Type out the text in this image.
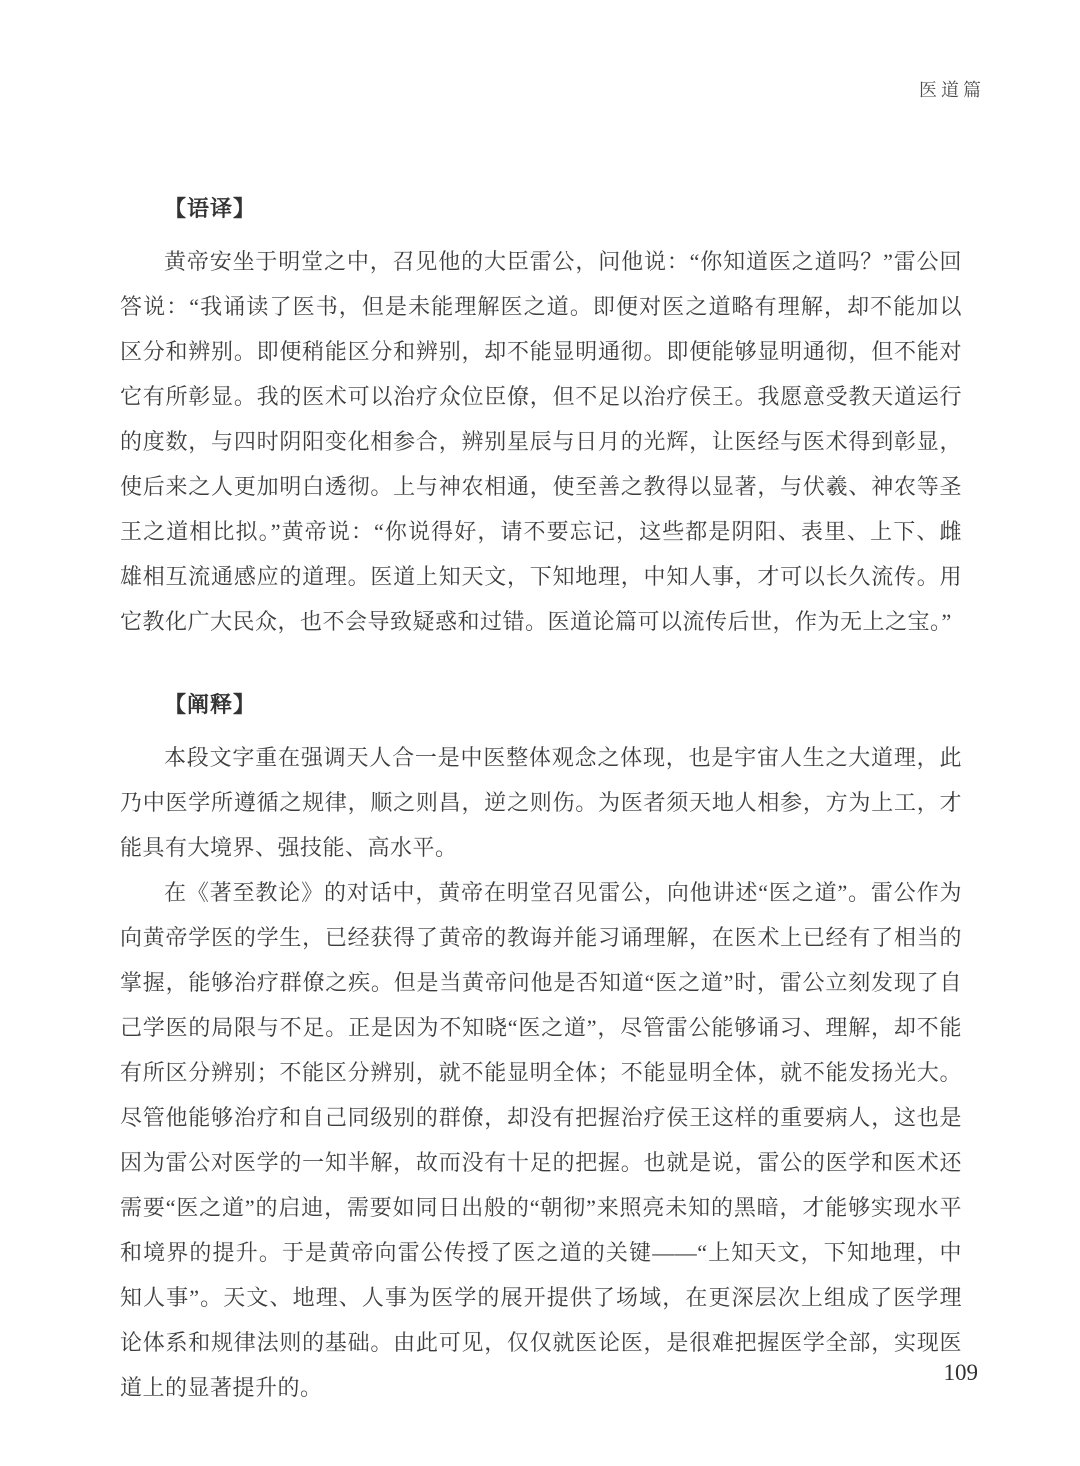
医道篇
【语译】

黄帝安坐于明堂之中，召见他的大臣雷公，问他说：“你知道医之道吗？”雷公回答说：“我诵读了医书，但是未能理解医之道。即便对医之道略有理解，却不能加以区分和辨别。即便稍能区分和辨别，却不能显明通彻。即便能够显明通彻，但不能对它有所彰显。我的医术可以治疗众位臣僚，但不足以治疗侯王。我愿意受教天道运行的度数，与四时阴阳变化相参合，辨别星辰与日月的光辉，让医经与医术得到彰显，使后来之人更加明白透彻。上与神农相通，使至善之教得以显著，与伏羲、神农等圣王之道相比拟。”黄帝说：“你说得好，请不要忘记，这些都是阴阳、表里、上下、雌雄相互流通感应的道理。医道上知天文，下知地理，中知人事，才可以长久流传。用它教化广大民众，也不会导致疑惑和过错。医道论篇可以流传后世，作为无上之宝。”

【阐释】

本段文字重在强调天人合一是中医整体观念之体现，也是宇宙人生之大道理，此乃中医学所遵循之规律，顺之则昌，逆之则伤。为医者须天地人相参，方为上工，才能具有大境界、强技能、高水平。

在《著至教论》的对话中，黄帝在明堂召见雷公，向他讲述“医之道”。雷公作为向黄帝学医的学生，已经获得了黄帝的教诲并能习诵理解，在医术上已经有了相当的掌握，能够治疗群僚之疾。但是当黄帝问他是否知道“医之道”时，雷公立刻发现了自己学医的局限与不足。正是因为不知晓“医之道”，尽管雷公能够诵习、理解，却不能有所区分辨别；不能区分辨别，就不能显明全体；不能显明全体，就不能发扬光大。尽管他能够治疗和自己同级别的群僚，却没有把握治疗侯王这样的重要病人，这也是因为雷公对医学的一知半解，故而没有十足的把握。也就是说，雷公的医学和医术还需要“医之道”的启迪，需要如同日出般的“朝彻”来照亮未知的黑暗，才能够实现水平和境界的提升。于是黄帝向雷公传授了医之道的关键——“上知天文，下知地理，中知人事”。天文、地理、人事为医学的展开提供了场域，在更深层次上组成了医学理论体系和规律法则的基础。由此可见，仅仅就医论医，是很难把握医学全部，实现医道上的显著提升的。

109
